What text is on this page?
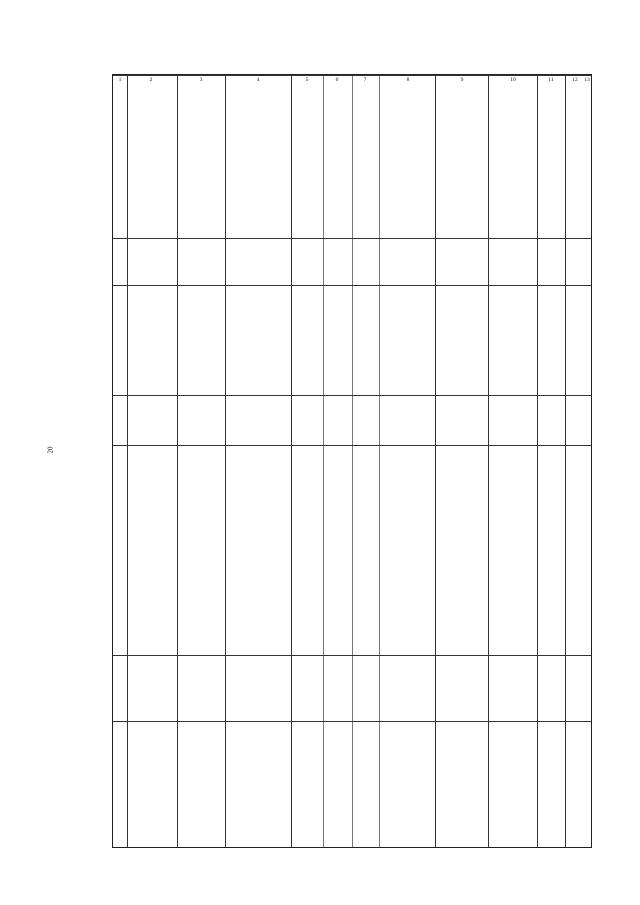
20
1	2	3	4	5	6	7	8	9	10	11	12 13
